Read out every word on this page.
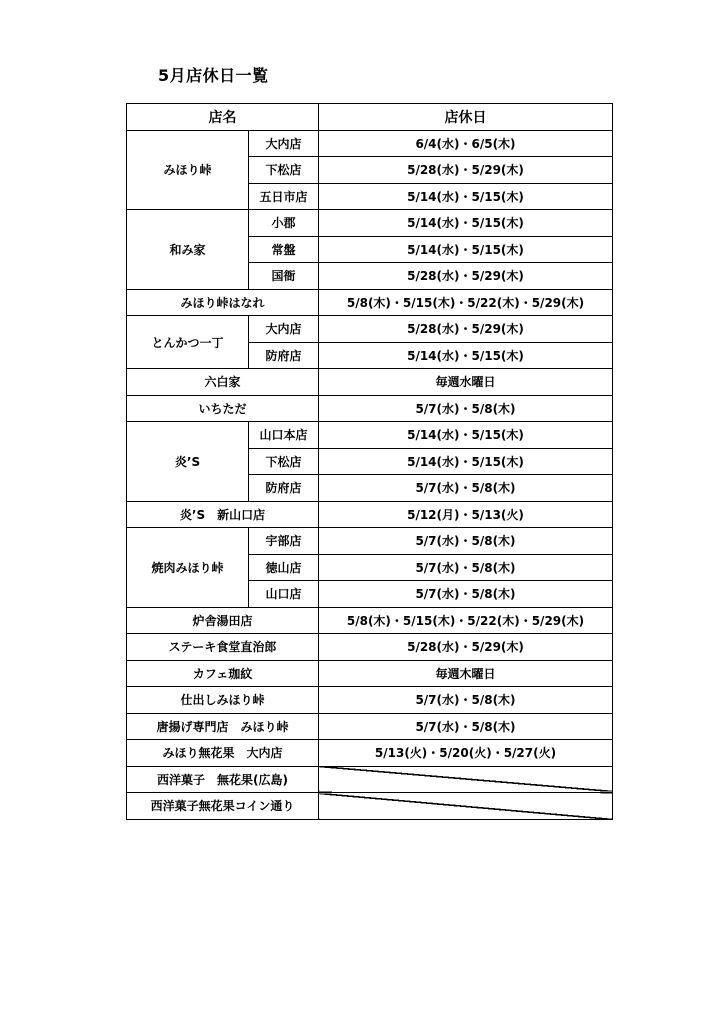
5月店休日一覧
店名		店休日
みほり峠	大内店	6/4(水)・6/5(木)
	下松店	5/28(水)・5/29(木)
	五日市店	5/14(水)・5/15(木)
和み家	小郡	5/14(水)・5/15(木)
	常盤	5/14(水)・5/15(木)
	国衙	5/28(水)・5/29(木)
みほり峠はなれ		5/8(木)・5/15(木)・5/22(木)・5/29(木)
とんかつ一丁	大内店	5/28(水)・5/29(木)
	防府店	5/14(水)・5/15(木)
六白家		毎週水曜日
いちただ		5/7(水)・5/8(木)
炎’S	山口本店	5/14(水)・5/15(木)
	下松店	5/14(水)・5/15(木)
	防府店	5/7(水)・5/8(木)
炎’S　新山口店		5/12(月)・5/13(火)
焼肉みほり峠	宇部店	5/7(水)・5/8(木)
	徳山店	5/7(水)・5/8(木)
	山口店	5/7(水)・5/8(木)
炉舎湯田店		5/8(木)・5/15(木)・5/22(木)・5/29(木)
ステーキ食堂直治郎		5/28(水)・5/29(木)
カフェ珈紋		毎週木曜日
仕出しみほり峠		5/7(水)・5/8(木)
唐揚げ専門店　みほり峠		5/7(水)・5/8(木)
みほり無花果　大内店		5/13(火)・5/20(火)・5/27(火)
西洋菓子　無花果(広島)		
西洋菓子無花果コイン通り		
